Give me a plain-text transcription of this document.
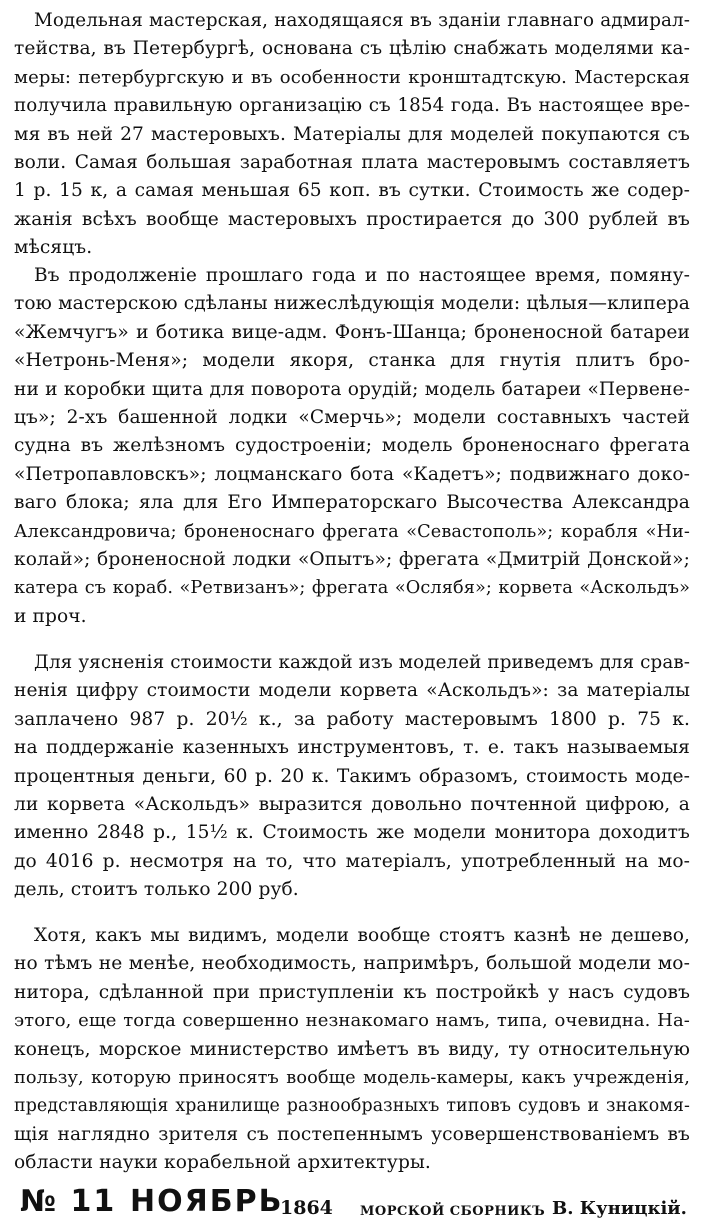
Модельная мастерская, находящаяся въ зданіи главнаго адмирал-
тейства, въ Петербургѣ, основана съ цѣлію снабжать моделями ка-
меры: петербургскую и въ особенности кронштадтскую. Мастерская
получила правильную организацію съ 1854 года. Въ настоящее вре-
мя въ ней 27 мастеровыхъ. Матеріалы для моделей покупаются съ
воли. Самая большая заработная плата мастеровымъ составляетъ
1 р. 15 к, а самая меньшая 65 коп. въ сутки. Стоимость же содер-
жанія всѣхъ вообще мастеровыхъ простирается до 300 рублей въ
мѣсяцъ.
Въ продолженіе прошлаго года и по настоящее время, помяну-
тою мастерскою сдѣланы нижеслѣдующія модели: цѣлыя—клипера
«Жемчугъ» и ботика вице-адм. Фонъ-Шанца; броненосной батареи
«Нетронь-Меня»; модели якоря, станка для гнутія плитъ бро-
ни и коробки щита для поворота орудій; модель батареи «Первене-
цъ»; 2-хъ башенной лодки «Смерчь»; модели составныхъ частей
судна въ желѣзномъ судостроеніи; модель броненоснаго фрегата
«Петропавловскъ»; лоцманскаго бота «Кадетъ»; подвижнаго доко-
ваго блока; яла для Его Императорскаго Высочества Александра
Александровича; броненоснаго фрегата «Севастополь»; корабля «Ни-
колай»; броненосной лодки «Опытъ»; фрегата «Дмитрій Донской»;
катера съ кораб. «Ретвизанъ»; фрегата «Ослябя»; корвета «Аскольдъ»
и проч.
Для уясненія стоимости каждой изъ моделей приведемъ для срав-
ненія цифру стоимости модели корвета «Аскольдъ»: за матеріалы
заплачено 987 р. 20½ к., за работу мастеровымъ 1800 р. 75 к.
на поддержаніе казенныхъ инструментовъ, т. е. такъ называемыя
процентныя деньги, 60 р. 20 к. Такимъ образомъ, стоимость моде-
ли корвета «Аскольдъ» выразится довольно почтенной цифрою, а
именно 2848 р., 15½ к. Стоимость же модели монитора доходитъ
до 4016 р. несмотря на то, что матеріалъ, употребленный на мо-
дель, стоитъ только 200 руб.
Хотя, какъ мы видимъ, модели вообще стоятъ казнѣ не дешево,
но тѣмъ не менѣе, необходимость, напримѣръ, большой модели мо-
нитора, сдѣланной при приступленіи къ постройкѣ у насъ судовъ
этого, еще тогда совершенно незнакомаго намъ, типа, очевидна. На-
конецъ, морское министерство имѣетъ въ виду, ту относительную
пользу, которую приносятъ вообще модель-камеры, какъ учрежденія,
представляющія хранилище разнообразныхъ типовъ судовъ и знакомя-
щія наглядно зрителя съ постепеннымъ усовершенствованіемъ въ
области науки корабельной архитектуры.
№ 11 НОЯБРЬ
1864 МОРСКОЙ СБОРНИКЪ В. Куницкій.
